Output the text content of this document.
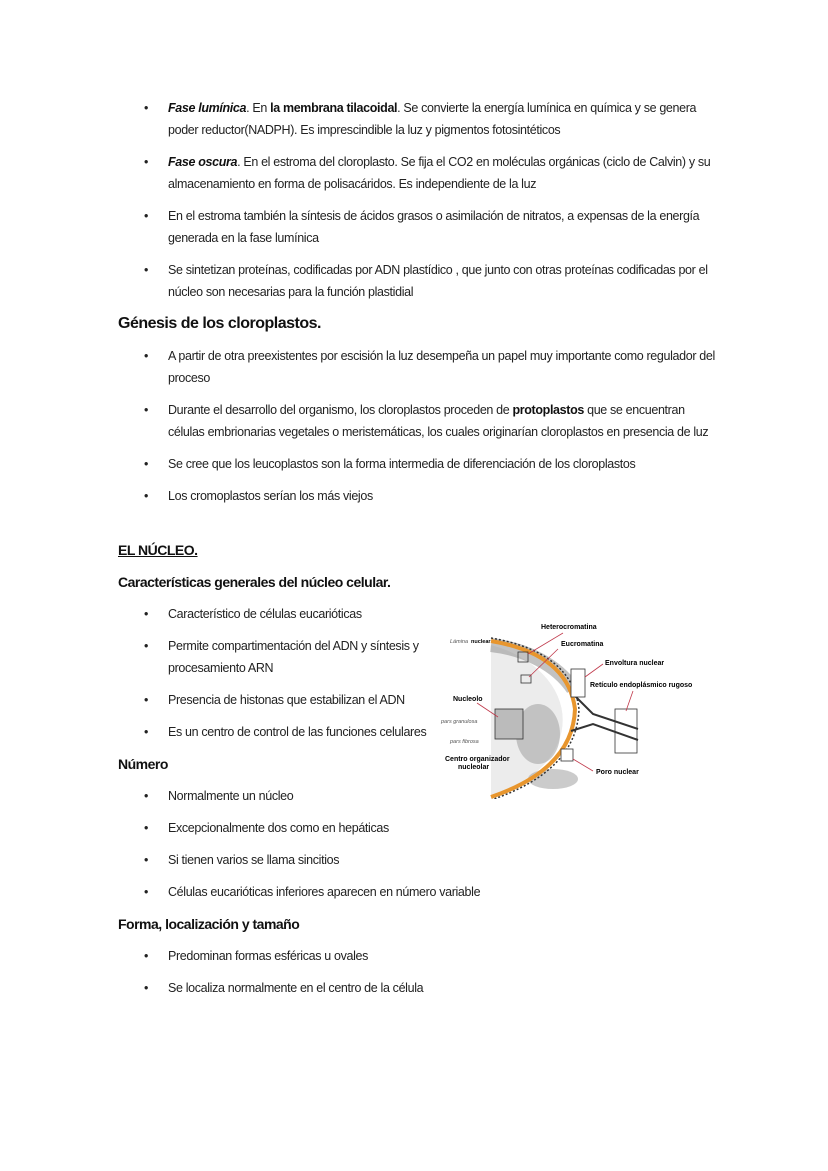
• Fase lumínica. En la membrana tilacoidal. Se convierte la energía lumínica en química y se genera poder reductor(NADPH). Es imprescindible la luz y pigmentos fotosintéticos
• Fase oscura. En el estroma del cloroplasto. Se fija el CO2 en moléculas orgánicas (ciclo de Calvin) y su almacenamiento en forma de polisacáridos. Es independiente de la luz
• En el estroma también la síntesis de ácidos grasos o asimilación de nitratos, a expensas de la energía generada en la fase lumínica
• Se sintetizan proteínas, codificadas por ADN plastídico , que junto con otras proteínas codificadas por el núcleo son necesarias para la función plastidial
Génesis de los cloroplastos.
• A partir de otra preexistentes por escisión la luz desempeña un papel muy importante como regulador del proceso
• Durante el desarrollo del organismo, los cloroplastos proceden de protoplastos que se encuentran células embrionarias vegetales o meristemáticas, los cuales originarían cloroplastos en presencia de luz
• Se cree que los leucoplastos son la forma intermedia de diferenciación de los cloroplastos
• Los cromoplastos serían los más viejos
EL NÚCLEO.
Características generales del núcleo celular.
• Característico de células eucarióticas
• Permite compartimentación del ADN y síntesis y procesamiento ARN
• Presencia de histonas que estabilizan el ADN
• Es un centro de control de las funciones celulares
Número
• Normalmente un núcleo
• Excepcionalmente dos como en hepáticas
• Si tienen varios se llama sincitios
• Células eucarióticas inferiores aparecen en número variable
Forma, localización y tamaño
• Predominan formas esféricas u ovales
• Se localiza normalmente en el centro de la célula
Heterocromatina
Lámina nuclear	Eucromatina
Envoltura nuclear
Retículo endoplásmico rugoso
Nucleolo
pars granulosa
pars fibrosa
Centro organizador
nucleolar
Poro nuclear
